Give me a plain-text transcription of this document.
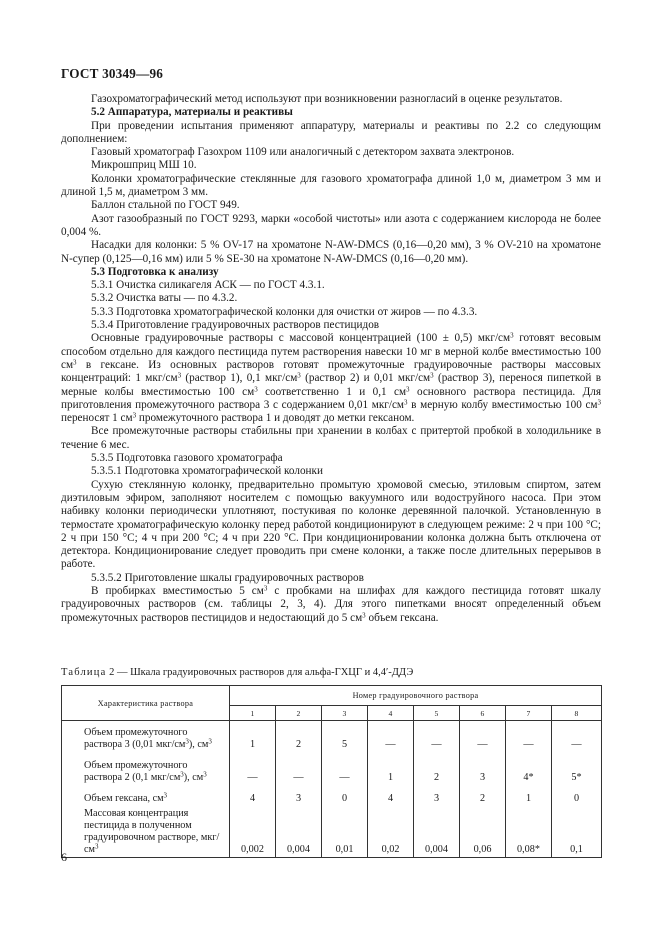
ГОСТ 30349—96

Газохроматографический метод используют при возникновении разногласий в оценке результатов.

5.2 Аппаратура, материалы и реактивы

При проведении испытания применяют аппаратуру, материалы и реактивы по 2.2 со следующим дополнением:

Газовый хроматограф Газохром 1109 или аналогичный с детектором захвата электронов.

Микрошприц МШ 10.

Колонки хроматографические стеклянные для газового хроматографа длиной 1,0 м, диаметром 3 мм и длиной 1,5 м, диаметром 3 мм.

Баллон стальной по ГОСТ 949.

Азот газообразный по ГОСТ 9293, марки «особой чистоты» или азота с содержанием кислорода не более 0,004 %.

Насадки для колонки: 5 % OV-17 на хроматоне N-AW-DMCS (0,16—0,20 мм), 3 % OV-210 на хроматоне N-супер (0,125—0,16 мм) или 5 % SE-30 на хроматоне N-AW-DMCS (0,16—0,20 мм).

5.3 Подготовка к анализу

5.3.1 Очистка силикагеля АСК — по ГОСТ 4.3.1.

5.3.2 Очистка ваты — по 4.3.2.

5.3.3 Подготовка хроматографической колонки для очистки от жиров — по 4.3.3.

5.3.4 Приготовление градуировочных растворов пестицидов

Основные градуировочные растворы с массовой концентрацией (100 ± 0,5) мкг/$см^3$ готовят весовым способом отдельно для каждого пестицида путем растворения навески 10 мг в мерной колбе вместимостью 100 $см^3$ в гексане. Из основных растворов готовят промежуточные градуировочные растворы массовых концентраций: 1 мкг/$см^3$ (раствор 1), 0,1 мкг/$см^3$ (раствор 2) и 0,01 мкг/$см^3$ (раствор 3), перенося пипеткой в мерные колбы вместимостью 100 $см^3$ соответственно 1 и 0,1 $см^3$ основного раствора пестицида. Для приготовления промежуточного раствора 3 с содержанием 0,01 мкг/$см^3$ в мерную колбу вместимостью 100 $см^3$ переносят 1 $см^3$ промежуточного раствора 1 и доводят до метки гексаном.

Все промежуточные растворы стабильны при хранении в колбах с притертой пробкой в холодильнике в течение 6 мес.

5.3.5 Подготовка газового хроматографа

5.3.5.1 Подготовка хроматографической колонки

Сухую стеклянную колонку, предварительно промытую хромовой смесью, этиловым спиртом, затем диэтиловым эфиром, заполняют носителем с помощью вакуумного или водоструйного насоса. При этом набивку колонки периодически уплотняют, постукивая по колонке деревянной палочкой. Установленную в термостате хроматографическую колонку перед работой кондиционируют в следующем режиме: 2 ч при 100 °С; 2 ч при 150 °С; 4 ч при 200 °С; 4 ч при 220 °С. При кондиционировании колонка должна быть отключена от детектора. Кондиционирование следует проводить при смене колонки, а также после длительных перерывов в работе.

5.3.5.2 Приготовление шкалы градуировочных растворов

В пробирках вместимостью 5 $см^3$ с пробками на шлифах для каждого пестицида готовят шкалу градуировочных растворов (см. таблицы 2, 3, 4). Для этого пипетками вносят определенный объем промежуточных растворов пестицидов и недостающий до 5 $см^3$ объем гексана.

Таблица 2 — Шкала градуировочных растворов для альфа-ГХЦГ и 4,4′-ДДЭ
Характеристика раствора	Номер градуировочного раствора							
	1	2	3	4	5	6	7	8
Объем промежуточного раствора 3 (0,01 мкг/$см^3$), $см^3$	1	2	5	—	—	—	—	—
Объем промежуточного раствора 2 (0,1 мкг/$см^3$), $см^3$	—	—	—	1	2	3	4*	5*
Объем гексана, $см^3$	4	3	0	4	3	2	1	0
Массовая концентрация пестицида в полученном градуировочном растворе, мкг/$см^3$	0,002	0,004	0,01	0,02	0,004	0,06	0,08*	0,1
6
